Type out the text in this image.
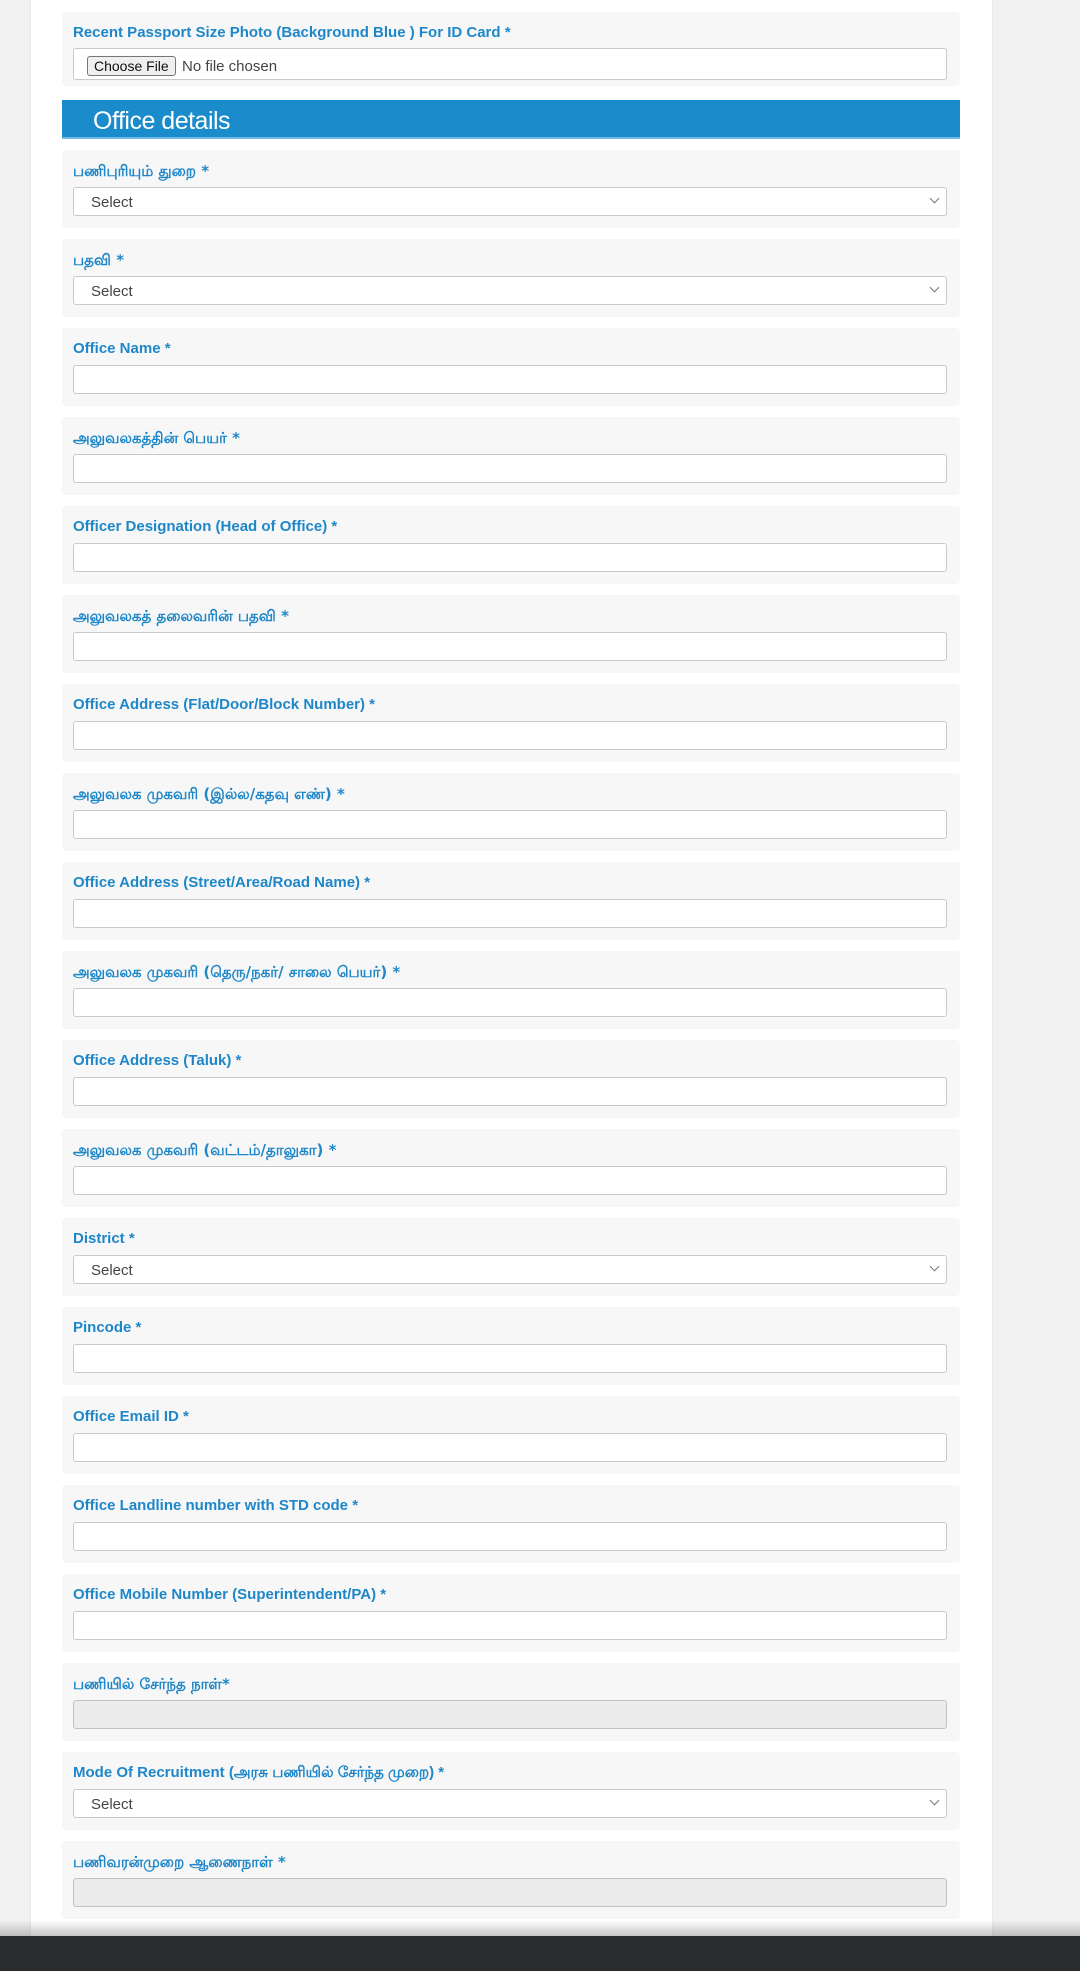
Recent Passport Size Photo (Background Blue ) For ID Card *
Choose File No file chosen
Office details
பணிபுரியும் துறை *
Select
பதவி *
Select
Office Name *
அலுவலகத்தின் பெயர் *
Officer Designation (Head of Office) *
அலுவலகத் தலைவரின் பதவி *
Office Address (Flat/Door/Block Number) *
அலுவலக முகவரி (இல்ல/கதவு எண்) *
Office Address (Street/Area/Road Name) *
அலுவலக முகவரி (தெரு/நகர்/ சாலை பெயர்) *
Office Address (Taluk) *
அலுவலக முகவரி (வட்டம்/தாலுகா) *
District *
Select
Pincode *
Office Email ID *
Office Landline number with STD code *
Office Mobile Number (Superintendent/PA) *
பணியில் சேர்ந்த நாள்*
Mode Of Recruitment (அரசு பணியில் சேர்ந்த முறை) *
Select
பணிவரன்முறை ஆணைநாள் *
